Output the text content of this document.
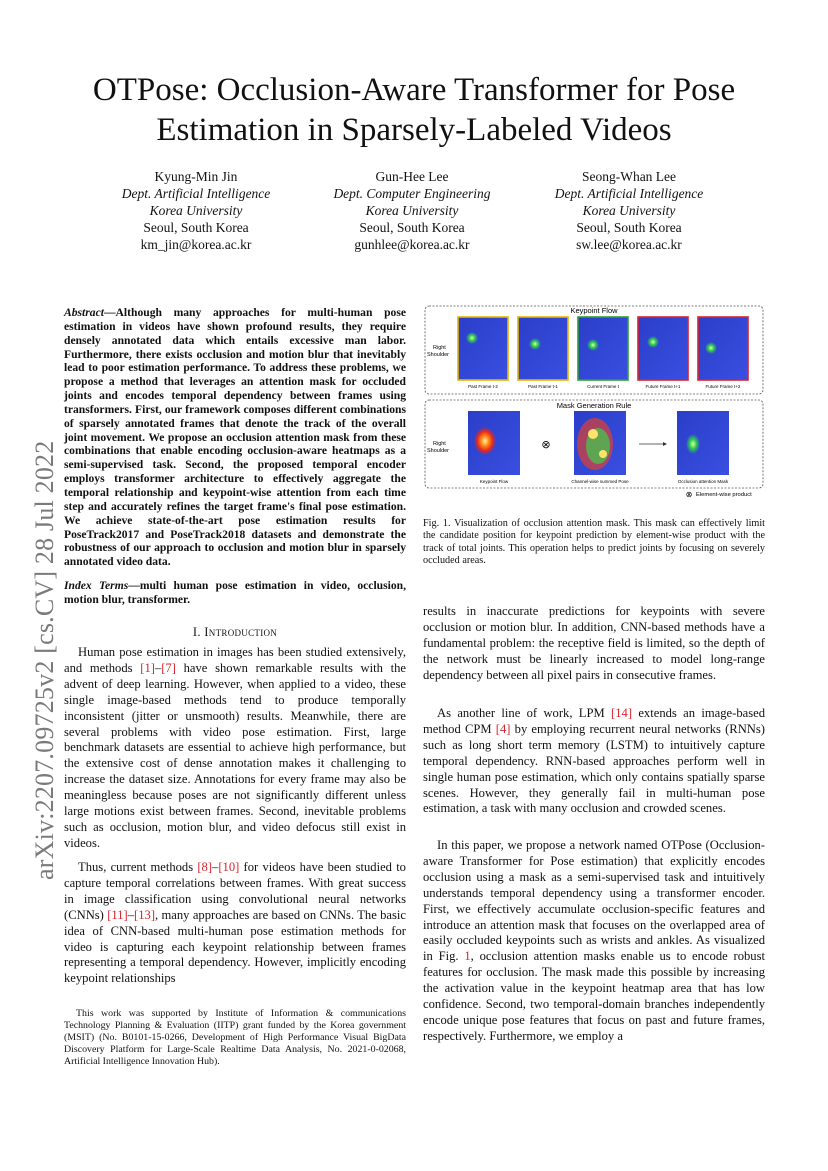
arXiv:2207.09725v2 [cs.CV] 28 Jul 2022
OTPose: Occlusion-Aware Transformer for Pose Estimation in Sparsely-Labeled Videos
Kyung-Min Jin
Dept. Artificial Intelligence
Korea University
Seoul, South Korea
km_jin@korea.ac.kr
Gun-Hee Lee
Dept. Computer Engineering
Korea University
Seoul, South Korea
gunhlee@korea.ac.kr
Seong-Whan Lee
Dept. Artificial Intelligence
Korea University
Seoul, South Korea
sw.lee@korea.ac.kr
Abstract—Although many approaches for multi-human pose estimation in videos have shown profound results, they require densely annotated data which entails excessive man labor. Furthermore, there exists occlusion and motion blur that inevitably lead to poor estimation performance. To address these problems, we propose a method that leverages an attention mask for occluded joints and encodes temporal dependency between frames using transformers. First, our framework composes different combinations of sparsely annotated frames that denote the track of the overall joint movement. We propose an occlusion attention mask from these combinations that enable encoding occlusion-aware heatmaps as a semi-supervised task. Second, the proposed temporal encoder employs transformer architecture to effectively aggregate the temporal relationship and keypoint-wise attention from each time step and accurately refines the target frame's final pose estimation. We achieve state-of-the-art pose estimation results for PoseTrack2017 and PoseTrack2018 datasets and demonstrate the robustness of our approach to occlusion and motion blur in sparsely annotated video data.
Index Terms—multi human pose estimation in video, occlusion, motion blur, transformer.
I. Introduction
Human pose estimation in images has been studied extensively, and methods [1]–[7] have shown remarkable results with the advent of deep learning. However, when applied to a video, these single image-based methods tend to produce temporally inconsistent (jitter or unsmooth) results. Meanwhile, there are several problems with video pose estimation. First, large benchmark datasets are essential to achieve high performance, but the extensive cost of dense annotation makes it challenging to increase the dataset size. Annotations for every frame may also be meaningless because poses are not significantly different unless large motions exist between frames. Second, inevitable problems such as occlusion, motion blur, and video defocus still exist in videos.
Thus, current methods [8]–[10] for videos have been studied to capture temporal correlations between frames. With great success in image classification using convolutional neural networks (CNNs) [11]–[13], many approaches are based on CNNs. The basic idea of CNN-based multi-human pose estimation methods for video is capturing each keypoint relationship between frames representing a temporal dependency. However, implicitly encoding keypoint relationships
This work was supported by Institute of Information & communications Technology Planning & Evaluation (IITP) grant funded by the Korea government (MSIT) (No. B0101-15-0266, Development of High Performance Visual BigData Discovery Platform for Large-Scale Realtime Data Analysis, No. 2021-0-02068, Artificial Intelligence Innovation Hub).
Keypoint Flow
Right
Shoulder
Past Frame t-2	Past Frame t-1	Current Frame t	Future Frame t+1	Future Frame t+2
Mask Generation Rule
Right
Shoulder
Keypoint Flow
⊗
Channel-wise summed Pose	Occlusion attention Mask
⊗ Element-wise product
Fig. 1. Visualization of occlusion attention mask. This mask can effectively limit the candidate position for keypoint prediction by element-wise product with the track of total joints. This operation helps to predict joints by focusing on severely occluded areas.
results in inaccurate predictions for keypoints with severe occlusion or motion blur. In addition, CNN-based methods have a fundamental problem: the receptive field is limited, so the depth of the network must be linearly increased to model long-range dependency between all pixel pairs in consecutive frames.
As another line of work, LPM [14] extends an image-based method CPM [4] by employing recurrent neural networks (RNNs) such as long short term memory (LSTM) to intuitively capture temporal dependency. RNN-based approaches perform well in single human pose estimation, which only contains spatially sparse scenes. However, they generally fail in multi-human pose estimation, a task with many occlusion and crowded scenes.
In this paper, we propose a network named OTPose (Occlusion-aware Transformer for Pose estimation) that explicitly encodes occlusion using a mask as a semi-supervised task and intuitively understands temporal dependency using a transformer encoder. First, we effectively accumulate occlusion-specific features and introduce an attention mask that focuses on the overlapped area of easily occluded keypoints such as wrists and ankles. As visualized in Fig. 1, occlusion attention masks enable us to encode robust features for occlusion. The mask made this possible by increasing the activation value in the keypoint heatmap area that has low confidence. Second, two temporal-domain branches independently encode unique pose features that focus on past and future frames, respectively. Furthermore, we employ a
